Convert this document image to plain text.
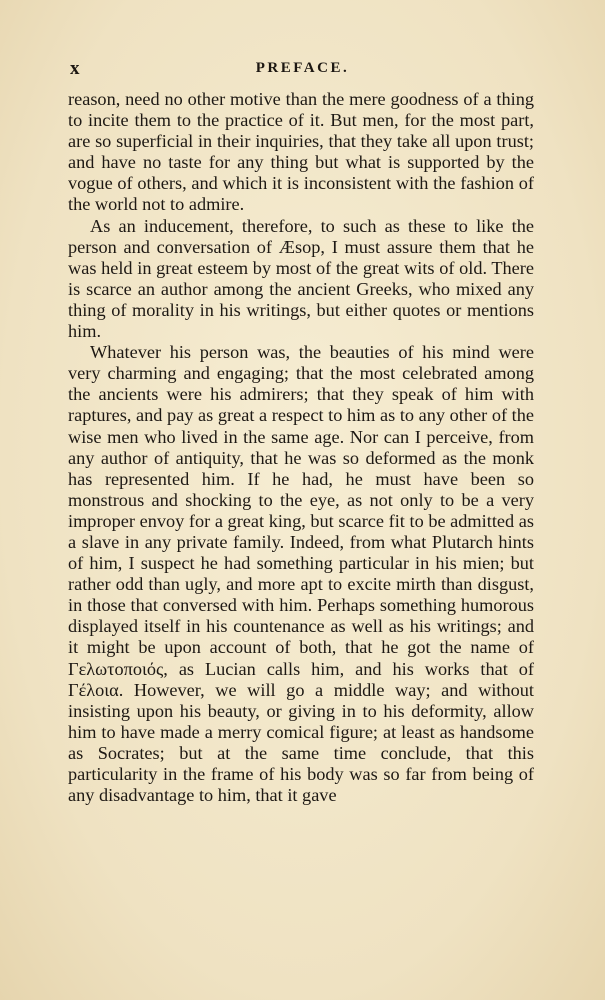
x	PREFACE.

reason, need no other motive than the mere goodness of a thing to incite them to the practice of it. But men, for the most part, are so superficial in their inquiries, that they take all upon trust; and have no taste for any thing but what is supported by the vogue of others, and which it is inconsistent with the fashion of the world not to admire.

As an inducement, therefore, to such as these to like the person and conversation of Æsop, I must assure them that he was held in great esteem by most of the great wits of old. There is scarce an author among the ancient Greeks, who mixed any thing of morality in his writings, but either quotes or mentions him.

Whatever his person was, the beauties of his mind were very charming and engaging; that the most celebrated among the ancients were his admirers; that they speak of him with raptures, and pay as great a respect to him as to any other of the wise men who lived in the same age. Nor can I perceive, from any author of antiquity, that he was so deformed as the monk has represented him. If he had, he must have been so monstrous and shocking to the eye, as not only to be a very improper envoy for a great king, but scarce fit to be admitted as a slave in any private family. Indeed, from what Plutarch hints of him, I suspect he had something particular in his mien; but rather odd than ugly, and more apt to excite mirth than disgust, in those that conversed with him. Perhaps something humorous displayed itself in his countenance as well as his writings; and it might be upon account of both, that he got the name of Γελωτοποιός, as Lucian calls him, and his works that of Γέλοια. However, we will go a middle way; and without insisting upon his beauty, or giving in to his deformity, allow him to have made a merry comical figure; at least as handsome as Socrates; but at the same time conclude, that this particularity in the frame of his body was so far from being of any disadvantage to him, that it gave
